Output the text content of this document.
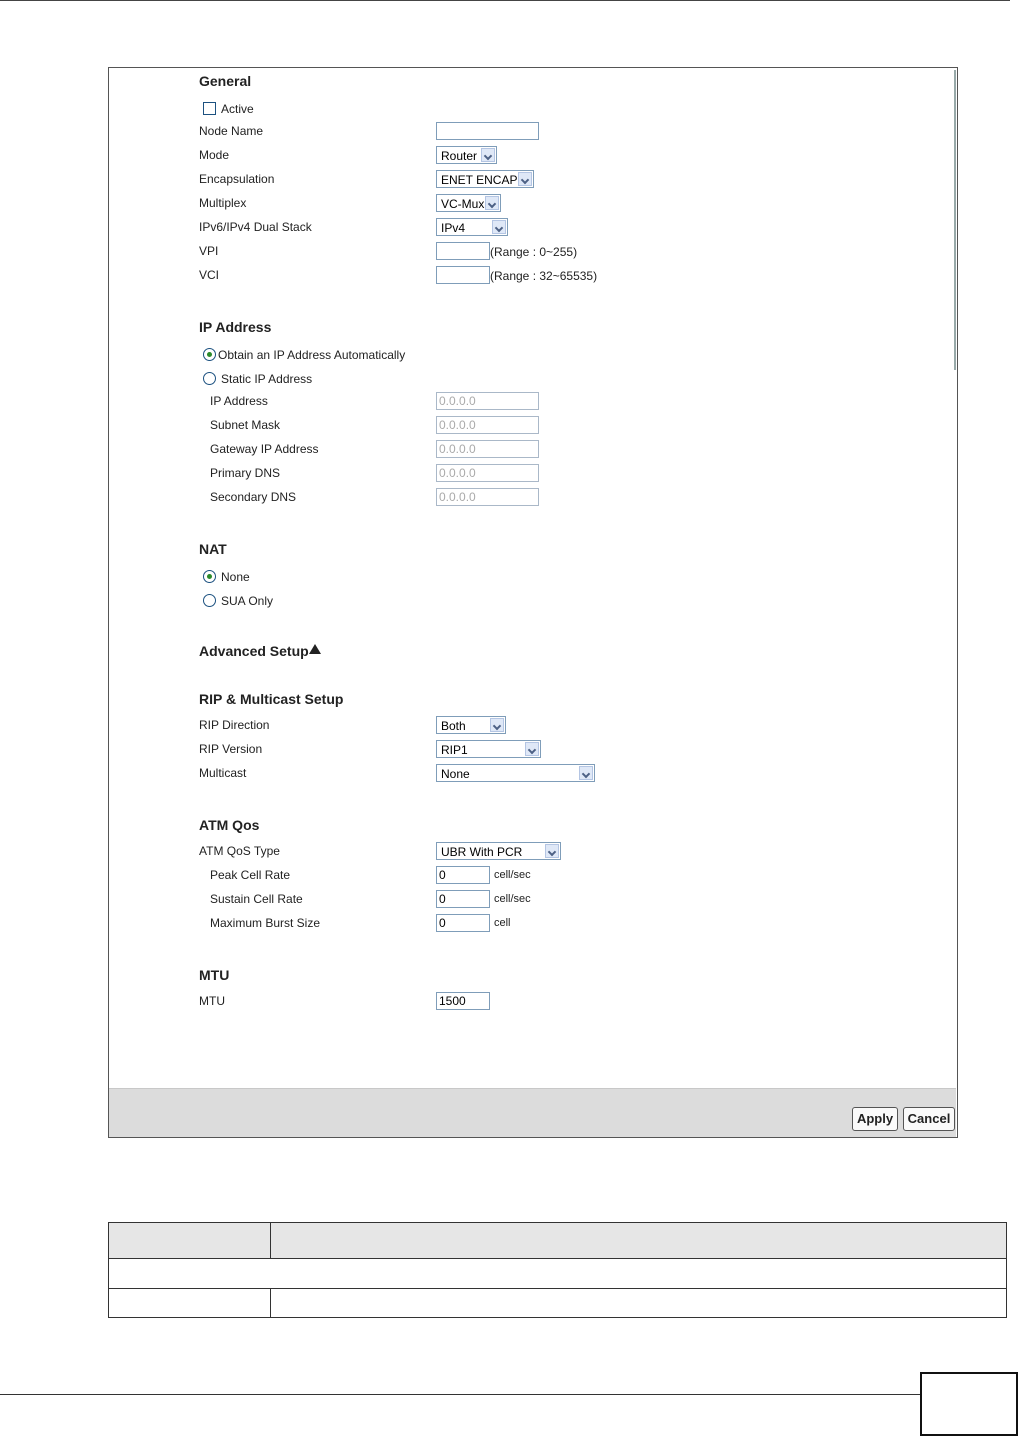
General
Active
Node Name
Mode	Router
Encapsulation	ENET ENCAP
Multiplex	VC-Mux
IPv6/IPv4 Dual Stack	IPv4
VPI	(Range : 0~255)
VCI	(Range : 32~65535)
IP Address
Obtain an IP Address Automatically
Static IP Address
IP Address	0.0.0.0
Subnet Mask	0.0.0.0
Gateway IP Address	0.0.0.0
Primary DNS	0.0.0.0
Secondary DNS	0.0.0.0
NAT
None
SUA Only
Advanced Setup
RIP & Multicast Setup
RIP Direction	Both
RIP Version	RIP1
Multicast	None
ATM Qos
ATM QoS Type	UBR With PCR
Peak Cell Rate	0	cell/sec
Sustain Cell Rate	0	cell/sec
Maximum Burst Size	0	cell
MTU
MTU	1500
Apply	Cancel
